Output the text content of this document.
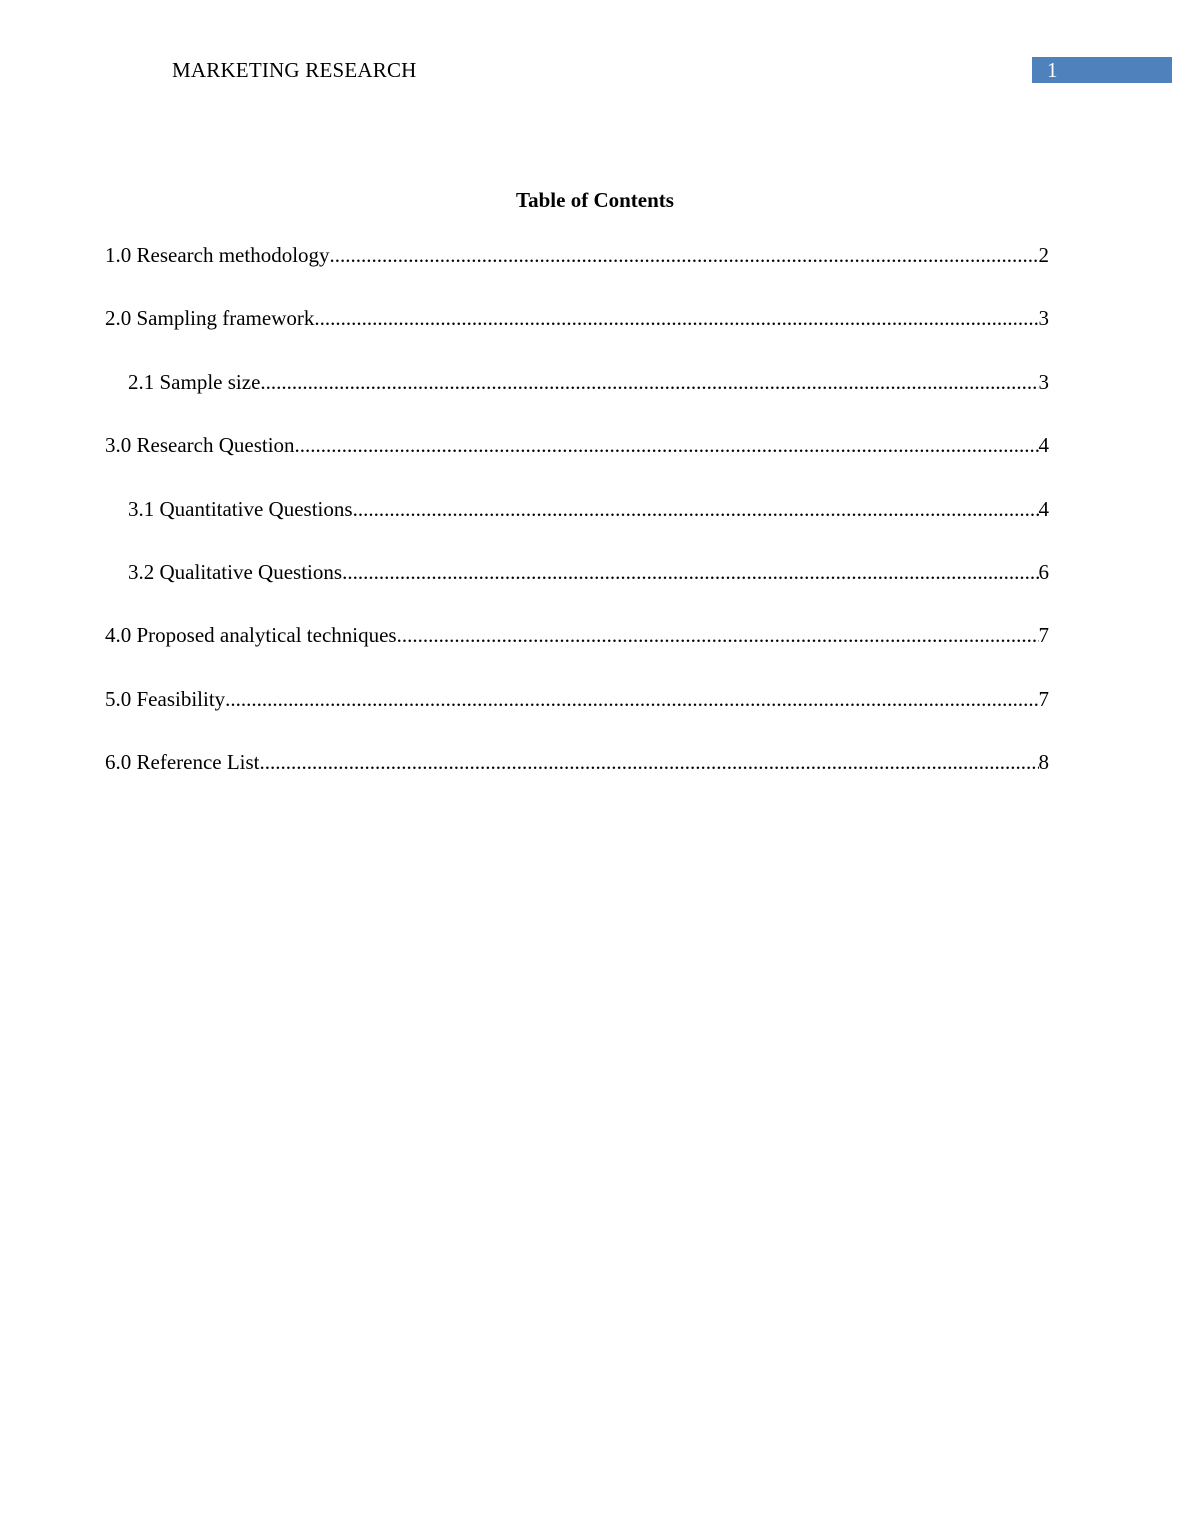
MARKETING RESEARCH	1
Table of Contents
1.0 Research methodology .....	2
2.0 Sampling framework .....	3
2.1 Sample size .....	3
3.0 Research Question .....	4
3.1 Quantitative Questions .....	4
3.2 Qualitative Questions .....	6
4.0 Proposed analytical techniques .....	7
5.0 Feasibility .....	7
6.0 Reference List .....	8
